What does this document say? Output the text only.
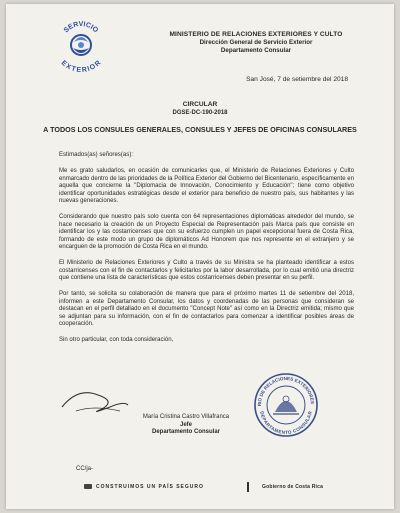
SERVICIO
EXTERIOR
MINISTERIO DE RELACIONES EXTERIORES Y CULTO
Dirección General de Servicio Exterior
Departamento Consular
San José, 7 de setiembre del 2018
CIRCULAR
DGSE-DC-190-2018
A TODOS LOS CONSULES GENERALES, CONSULES Y JEFES DE OFICINAS CONSULARES

Estimados(as) señores(as):

Me es grato saludarlos, en ocasión de comunicarles que, el Ministerio de Relaciones Exteriores y Culto enmarcado dentro de las prioridades de la Política Exterior del Gobierno del Bicentenario, específicamente en aquella que concierne la "Diplomacia de Innovación, Conocimiento y Educación"; tiene como objetivo identificar oportunidades estratégicas desde el exterior para beneficio de nuestro país, sus habitantes y las nuevas generaciones.

Considerando que nuestro país solo cuenta con 64 representaciones diplomáticas alrededor del mundo, se hace necesario la creación de un Proyecto Especial de Representación país Marca país que consiste en identificar los y las costarricenses que con su esfuerzo cumplen un papel excepcional fuera de Costa Rica, formando de este modo un grupo de diplomáticos Ad Honorem que nos represente en el extranjero y se encarguen de la promoción de Costa Rica en el mundo.

El Ministerio de Relaciones Exteriores y Culto a través de su Ministra se ha planteado identificar a estos costarricenses con el fin de contactarlos y felicitarlos por la labor desarrollada, por lo cual emitió una directriz que contiene una lista de características que estos costarricenses deben presentar en su perfil.

Por tanto, se solicita su colaboración de manera que para el próximo martes 11 de setiembre del 2018, informen a este Departamento Consular, los datos y coordenadas de las personas que consideran se destacan en el perfil detallado en el documento "Concept Note" así como en la Directriz emitida; mismo que se adjuntan para su información, con el fin de contactarlos para comenzar a identificar posibles áreas de cooperación.

Sin otro particular, con toda consideración,

María Cristina Castro Villafranca
Jefe
Departamento Consular
RIO DE RELACIONES EXTERIORES
DEPARTAMENTO CONSULAR
CC/ja-
CONSTRUIMOS UN PAÍS SEGURO	Gobierno de Costa Rica
